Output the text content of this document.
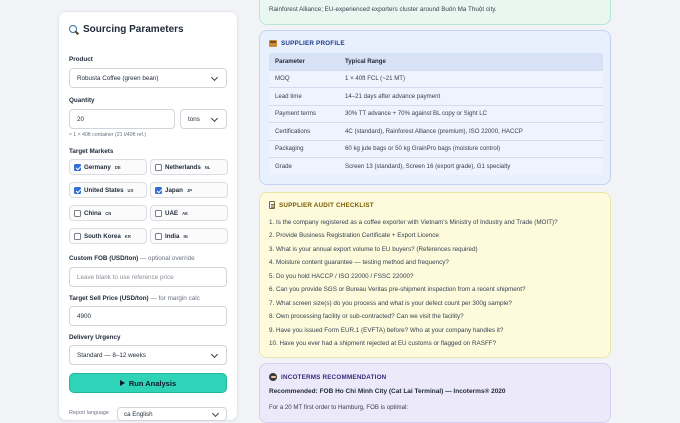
Sourcing Parameters
Product
Robusta Coffee (green bean)
Quantity
20	tons
≈ 1 × 40ft container (21 t/40ft ref.)
Target Markets
Germany DE	Netherlands NL
United States US	Japan JP
China CN	UAE AE
South Korea KR	India IN
Custom FOB (USD/ton) — optional override
Leave blank to use reference price
Target Sell Price (USD/ton) — for margin calc
4900
Delivery Urgency
Standard — 8–12 weeks
Run Analysis
Report language ca English
Rainforest Alliance; EU-experienced exporters cluster around Buôn Ma Thuột city.
SUPPLIER PROFILE
Parameter	Typical Range
MOQ	1 × 40ft FCL (~21 MT)
Lead time	14–21 days after advance payment
Payment terms	30% TT advance + 70% against BL copy or Sight LC
Certifications	4C (standard), Rainforest Alliance (premium), ISO 22000, HACCP
Packaging	60 kg jute bags or 50 kg GrainPro bags (moisture control)
Grade	Screen 13 (standard), Screen 16 (export grade), G1 specialty
SUPPLIER AUDIT CHECKLIST
1. Is the company registered as a coffee exporter with Vietnam's Ministry of Industry and Trade (MOIT)?
2. Provide Business Registration Certificate + Export Licence
3. What is your annual export volume to EU buyers? (References required)
4. Moisture content guarantee — testing method and frequency?
5. Do you hold HACCP / ISO 22000 / FSSC 22000?
6. Can you provide SGS or Bureau Veritas pre-shipment inspection from a recent shipment?
7. What screen size(s) do you process and what is your defect count per 300g sample?
8. Own processing facility or sub-contracted? Can we visit the facility?
9. Have you issued Form EUR.1 (EVFTA) before? Who at your company handles it?
10. Have you ever had a shipment rejected at EU customs or flagged on RASFF?
INCOTERMS RECOMMENDATION
Recommended: FOB Ho Chi Minh City (Cat Lai Terminal) — Incoterms® 2020
For a 20 MT first order to Hamburg, FOB is optimal:
